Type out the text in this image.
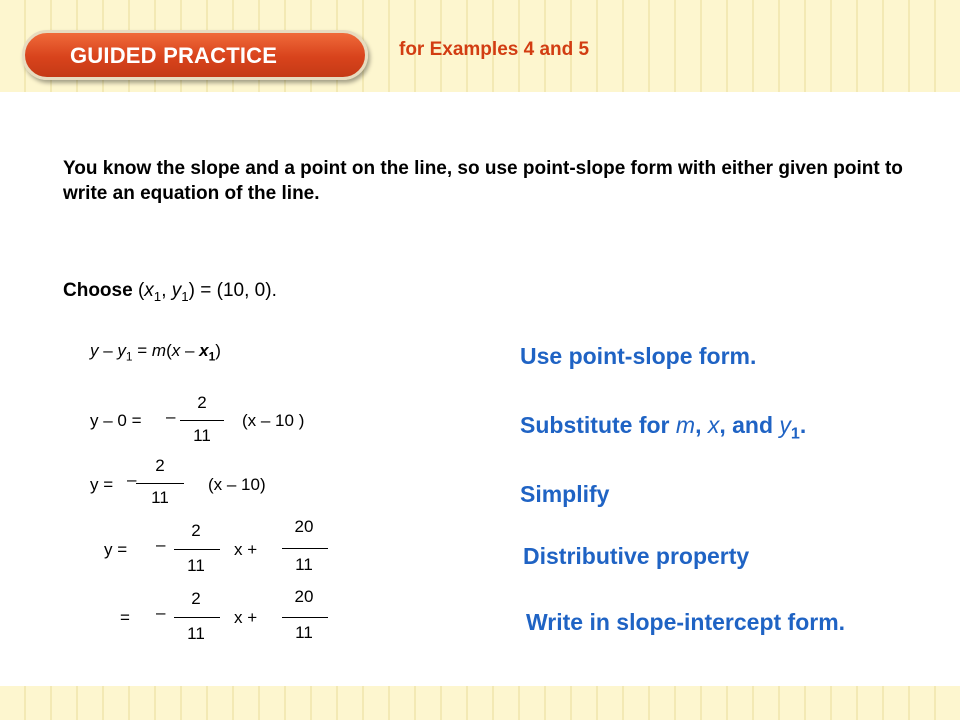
GUIDED PRACTICE	for Examples 4 and 5
You know the slope and a point on the line, so use point-slope form with either given point to write an equation of the line.
Choose ($x_1$, $y_1) = (10$, 0).
$y - y_1 = m(x - x_1)$	Use point-slope form.
y – 0 = –
2
11
(x – 10 )	Substitute for m, x, and $y_1$.
y = –
2
11
(x – 10)	Simplify
y = –
2
11
x +
20
11	Distributive property
= –
2
11
x +
20
11	Write in slope-intercept form.
